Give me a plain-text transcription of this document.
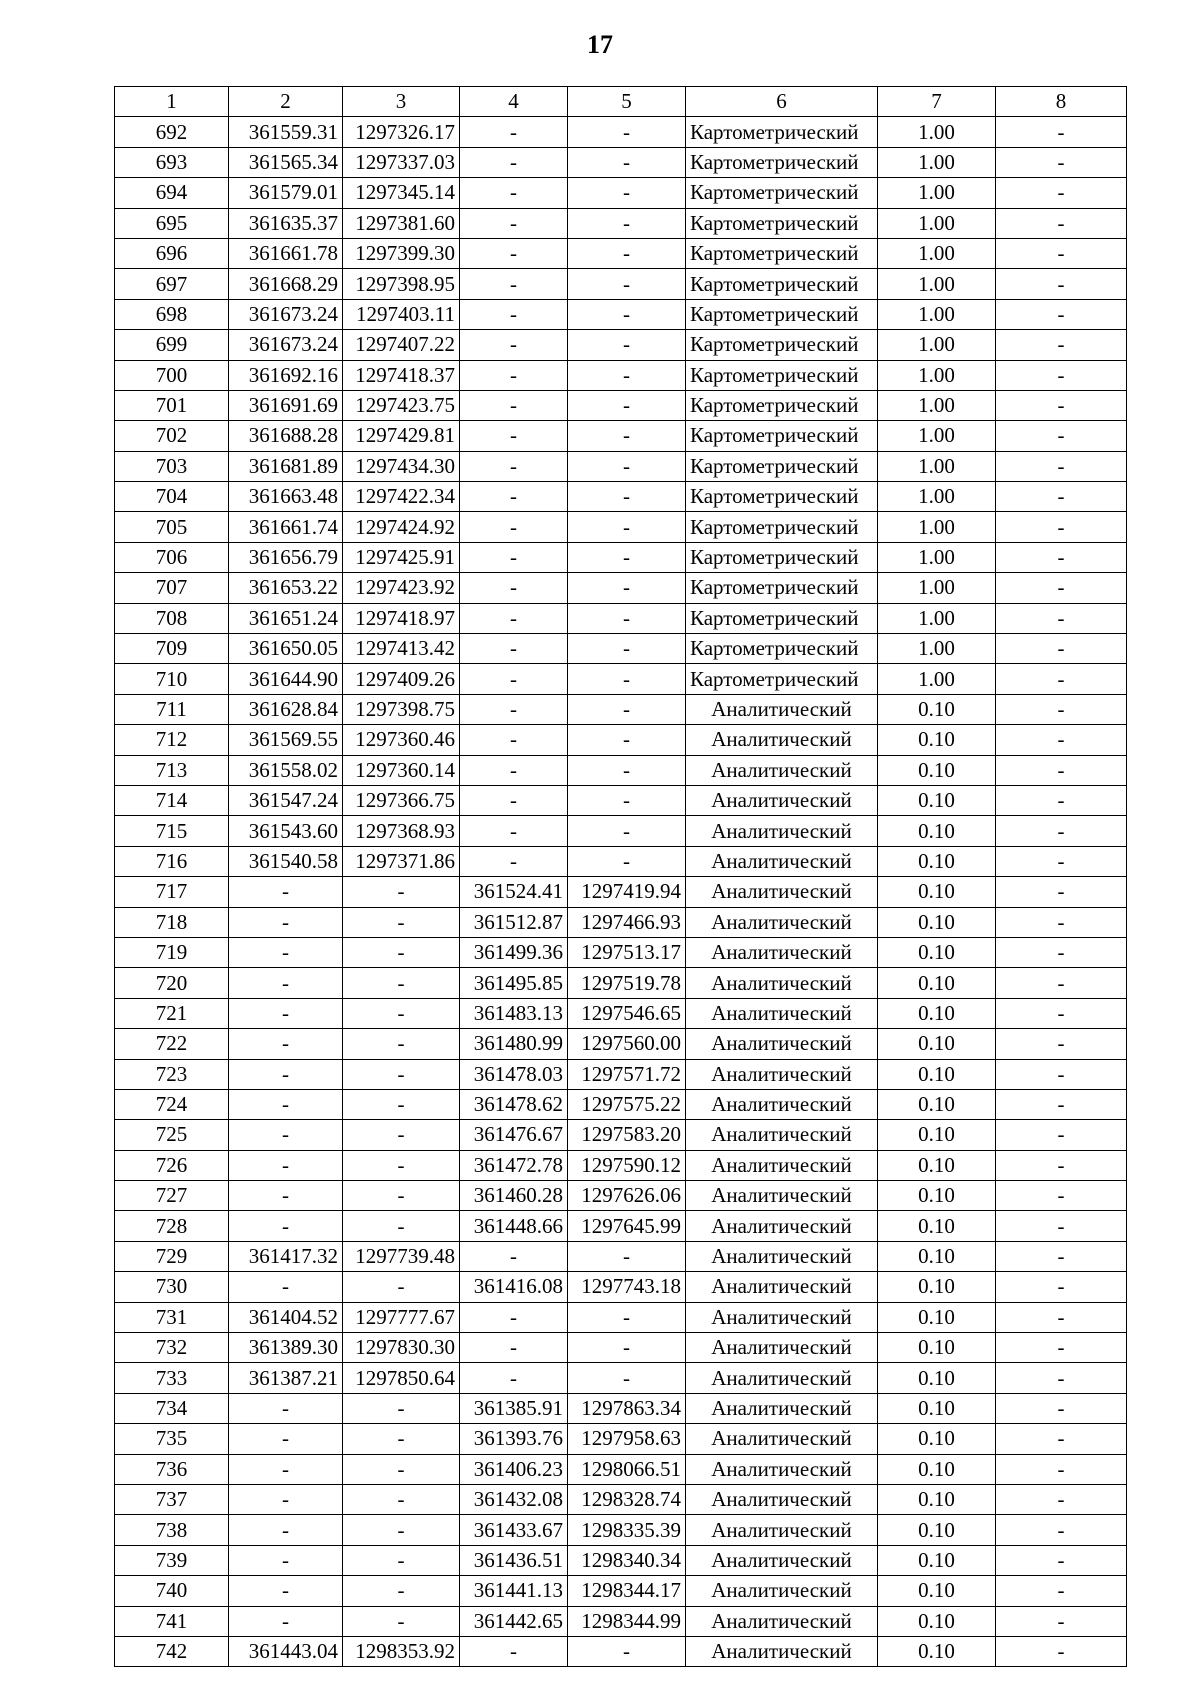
17
1	2	3	4	5	6	7	8
692	361559.31	1297326.17	-	-	Картометрический	1.00	-
693	361565.34	1297337.03	-	-	Картометрический	1.00	-
694	361579.01	1297345.14	-	-	Картометрический	1.00	-
695	361635.37	1297381.60	-	-	Картометрический	1.00	-
696	361661.78	1297399.30	-	-	Картометрический	1.00	-
697	361668.29	1297398.95	-	-	Картометрический	1.00	-
698	361673.24	1297403.11	-	-	Картометрический	1.00	-
699	361673.24	1297407.22	-	-	Картометрический	1.00	-
700	361692.16	1297418.37	-	-	Картометрический	1.00	-
701	361691.69	1297423.75	-	-	Картометрический	1.00	-
702	361688.28	1297429.81	-	-	Картометрический	1.00	-
703	361681.89	1297434.30	-	-	Картометрический	1.00	-
704	361663.48	1297422.34	-	-	Картометрический	1.00	-
705	361661.74	1297424.92	-	-	Картометрический	1.00	-
706	361656.79	1297425.91	-	-	Картометрический	1.00	-
707	361653.22	1297423.92	-	-	Картометрический	1.00	-
708	361651.24	1297418.97	-	-	Картометрический	1.00	-
709	361650.05	1297413.42	-	-	Картометрический	1.00	-
710	361644.90	1297409.26	-	-	Картометрический	1.00	-
711	361628.84	1297398.75	-	-	Аналитический	0.10	-
712	361569.55	1297360.46	-	-	Аналитический	0.10	-
713	361558.02	1297360.14	-	-	Аналитический	0.10	-
714	361547.24	1297366.75	-	-	Аналитический	0.10	-
715	361543.60	1297368.93	-	-	Аналитический	0.10	-
716	361540.58	1297371.86	-	-	Аналитический	0.10	-
717	-	-	361524.41	1297419.94	Аналитический	0.10	-
718	-	-	361512.87	1297466.93	Аналитический	0.10	-
719	-	-	361499.36	1297513.17	Аналитический	0.10	-
720	-	-	361495.85	1297519.78	Аналитический	0.10	-
721	-	-	361483.13	1297546.65	Аналитический	0.10	-
722	-	-	361480.99	1297560.00	Аналитический	0.10	-
723	-	-	361478.03	1297571.72	Аналитический	0.10	-
724	-	-	361478.62	1297575.22	Аналитический	0.10	-
725	-	-	361476.67	1297583.20	Аналитический	0.10	-
726	-	-	361472.78	1297590.12	Аналитический	0.10	-
727	-	-	361460.28	1297626.06	Аналитический	0.10	-
728	-	-	361448.66	1297645.99	Аналитический	0.10	-
729	361417.32	1297739.48	-	-	Аналитический	0.10	-
730	-	-	361416.08	1297743.18	Аналитический	0.10	-
731	361404.52	1297777.67	-	-	Аналитический	0.10	-
732	361389.30	1297830.30	-	-	Аналитический	0.10	-
733	361387.21	1297850.64	-	-	Аналитический	0.10	-
734	-	-	361385.91	1297863.34	Аналитический	0.10	-
735	-	-	361393.76	1297958.63	Аналитический	0.10	-
736	-	-	361406.23	1298066.51	Аналитический	0.10	-
737	-	-	361432.08	1298328.74	Аналитический	0.10	-
738	-	-	361433.67	1298335.39	Аналитический	0.10	-
739	-	-	361436.51	1298340.34	Аналитический	0.10	-
740	-	-	361441.13	1298344.17	Аналитический	0.10	-
741	-	-	361442.65	1298344.99	Аналитический	0.10	-
742	361443.04	1298353.92	-	-	Аналитический	0.10	-
